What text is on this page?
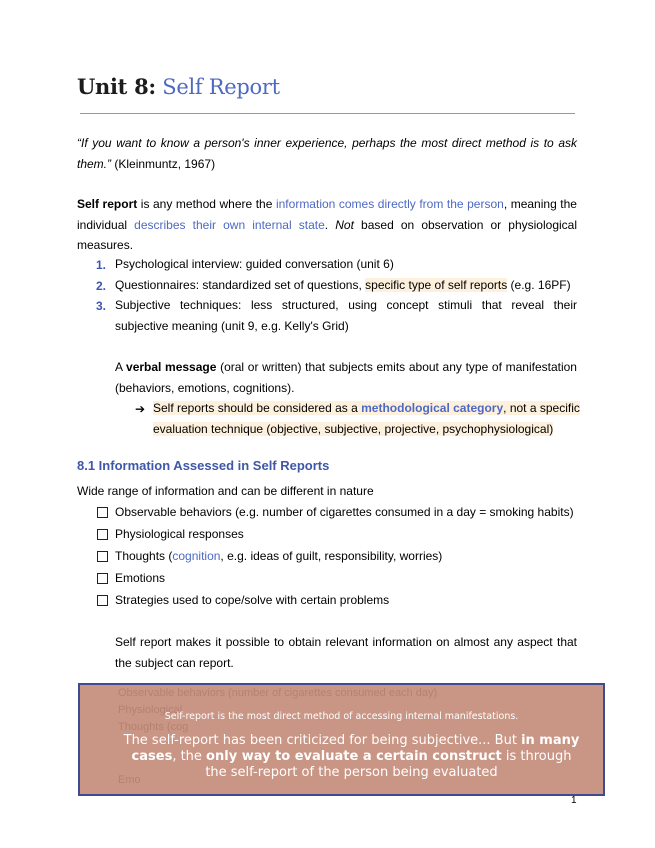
Unit 8: Self Report

“If you want to know a person's inner experience, perhaps the most direct method is to ask them.” (Kleinmuntz, 1967)

Self report is any method where the information comes directly from the person, meaning the individual describes their own internal state. Not based on observation or physiological measures.

1. Psychological interview: guided conversation (unit 6)

2. Questionnaires: standardized set of questions, specific type of self reports (e.g. 16PF)

3. Subjective techniques: less structured, using concept stimuli that reveal their subjective meaning (unit 9, e.g. Kelly's Grid)

A verbal message (oral or written) that subjects emits about any type of manifestation (behaviors, emotions, cognitions).

➔ Self reports should be considered as a methodological category, not a specific evaluation technique (objective, subjective, projective, psychophysiological)

8.1 Information Assessed in Self Reports

Wide range of information and can be different in nature

Observable behaviors (e.g. number of cigarettes consumed in a day = smoking habits)
Physiological responses
Thoughts (cognition, e.g. ideas of guilt, responsibility, worries)
Emotions
Strategies used to cope/solve with certain problems

Self report makes it possible to obtain relevant information on almost any aspect that the subject can report.

Observable behaviors (number of cigarettes consumed each day)
Physiological
Thoughts (cog
Emo
Self-report is the most direct method of accessing internal manifestations.
The self-report has been criticized for being subjective... But in many cases, the only way to evaluate a certain construct is through the self-report of the person being evaluated
1
